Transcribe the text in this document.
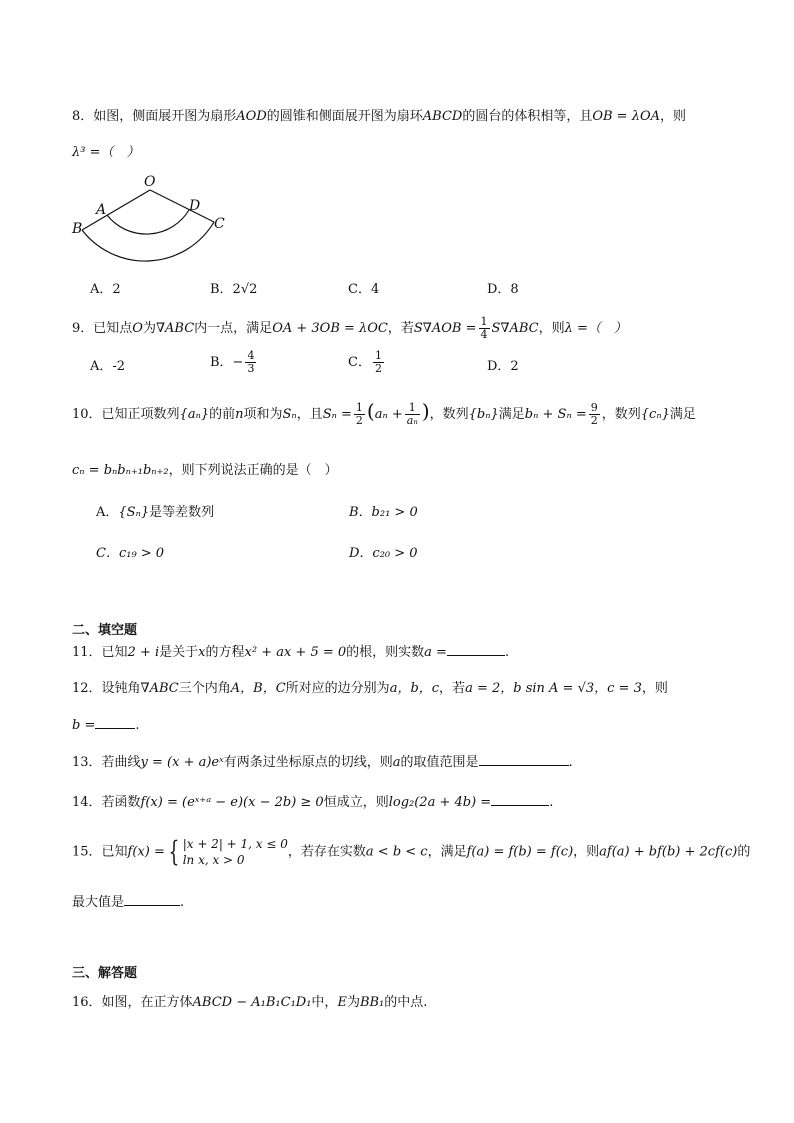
8．如图，侧面展开图为扇形AOD的圆锥和侧面展开图为扇环ABCD的圆台的体积相等，且OB = λOA，则
λ³ =（　）
O
A	D
B	C
A．2	B．2√2	C．4	D．8
9．已知点O为∇ABC内一点，满足OA + 3OB = λOC，若$S\nabla AOB = \frac{1}{4} S\nabla ABC$，则λ =（　）
A．-2	B．− $\frac{4}{3}$	C． $\frac{1}{2}$	D．2
10．已知正项数列{aₙ}的前n项和为Sₙ，且$S_n = \frac{1}{2} (a_n + \frac{1}{\text{aₙ}}$ )，数列{bₙ}满足$b_n + S_n = \frac{9}{2}$ ，数列{cₙ}满足
cₙ = bₙbₙ₊₁bₙ₊₂，则下列说法正确的是（　）
A．{Sₙ}是等差数列	B．b₂₁ > 0
C．c₁₉ > 0	D．c₂₀ > 0
二、填空题
11．已知2 + i是关于x的方程x² + ax + 5 = 0的根，则实数a =	.
12．设钝角∇ABC三个内角A，B，C所对应的边分别为a，b，c，若a = 2，b sin A = √3，c = 3，则
b =	.
13．若曲线y = (x + a)eˣ有两条过坐标原点的切线，则a的取值范围是	.
14．若函数f(x) = (eˣ⁺ᵃ − e)(x − 2b) ≥ 0恒成立，则log₂(2a + 4b) =	.
15．已知f(x) = { |x + 2| + 1, x ≤ 0
ln x, x > 0
，若存在实数a < b < c，满足f(a) = f(b) = f(c)，则af(a) + bf(b) + 2cf(c)的
最大值是	.
三、解答题
16．如图，在正方体ABCD − A₁B₁C₁D₁中，E为BB₁的中点.
